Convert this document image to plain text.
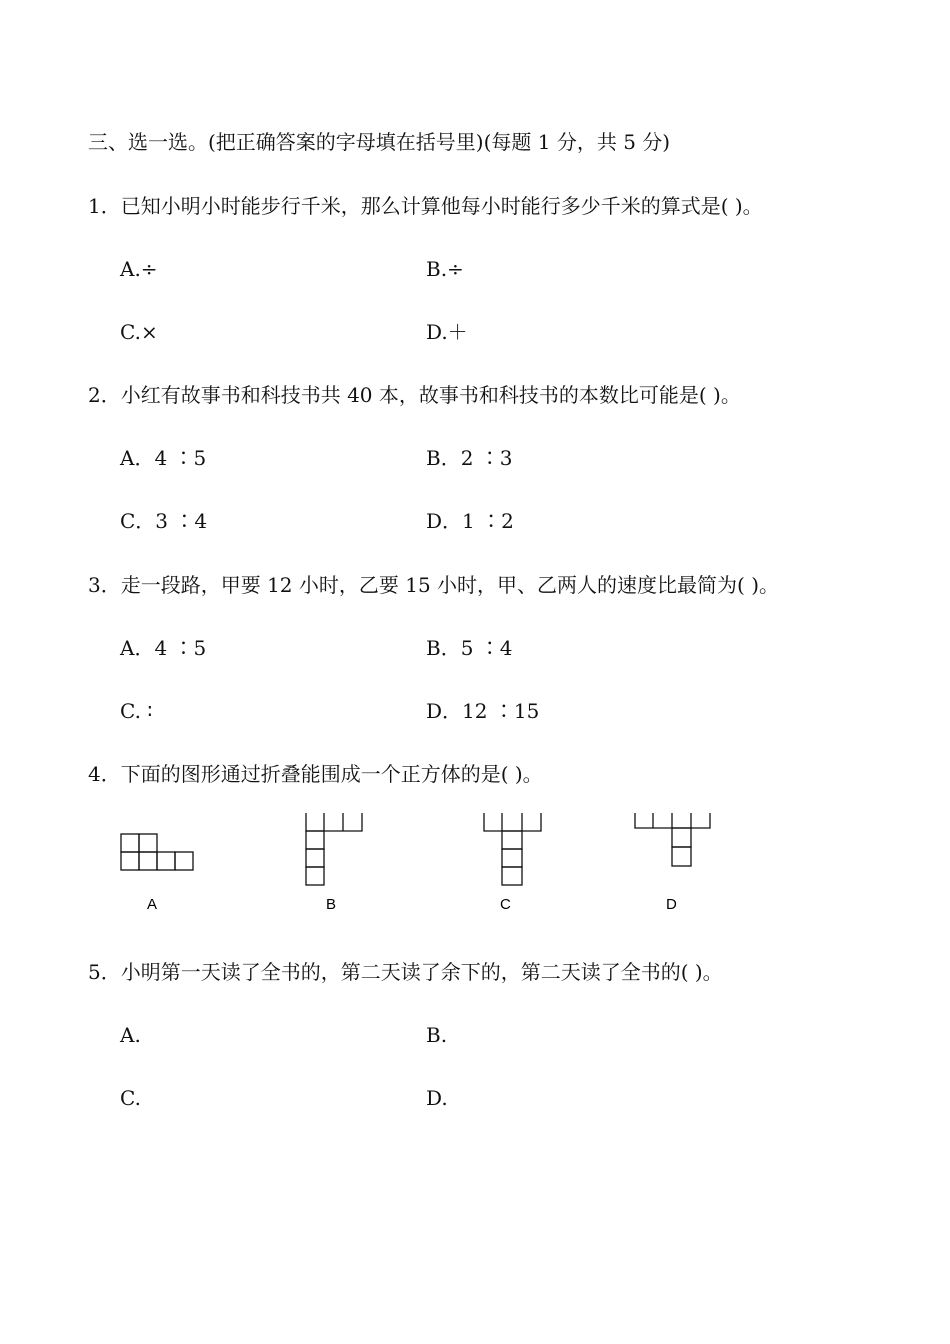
三、选一选。(把正确答案的字母填在括号里)(每题 1 分，共 5 分)
1．已知小明小时能步行千米，那么计算他每小时能行多少千米的算式是( )。
A.÷	B.÷
C.×	D.＋
2．小红有故事书和科技书共 40 本，故事书和科技书的本数比可能是( )。
A．4 ∶5	B．2 ∶3
C．3 ∶4	D．1 ∶2
3．走一段路，甲要 12 小时，乙要 15 小时，甲、乙两人的速度比最简为( )。
A．4 ∶5	B．5 ∶4
C. ∶	D．12 ∶15
4．下面的图形通过折叠能围成一个正方体的是( )。
A	B	C	D
5．小明第一天读了全书的，第二天读了余下的，第二天读了全书的( )。
A.	B.
C.	D.
